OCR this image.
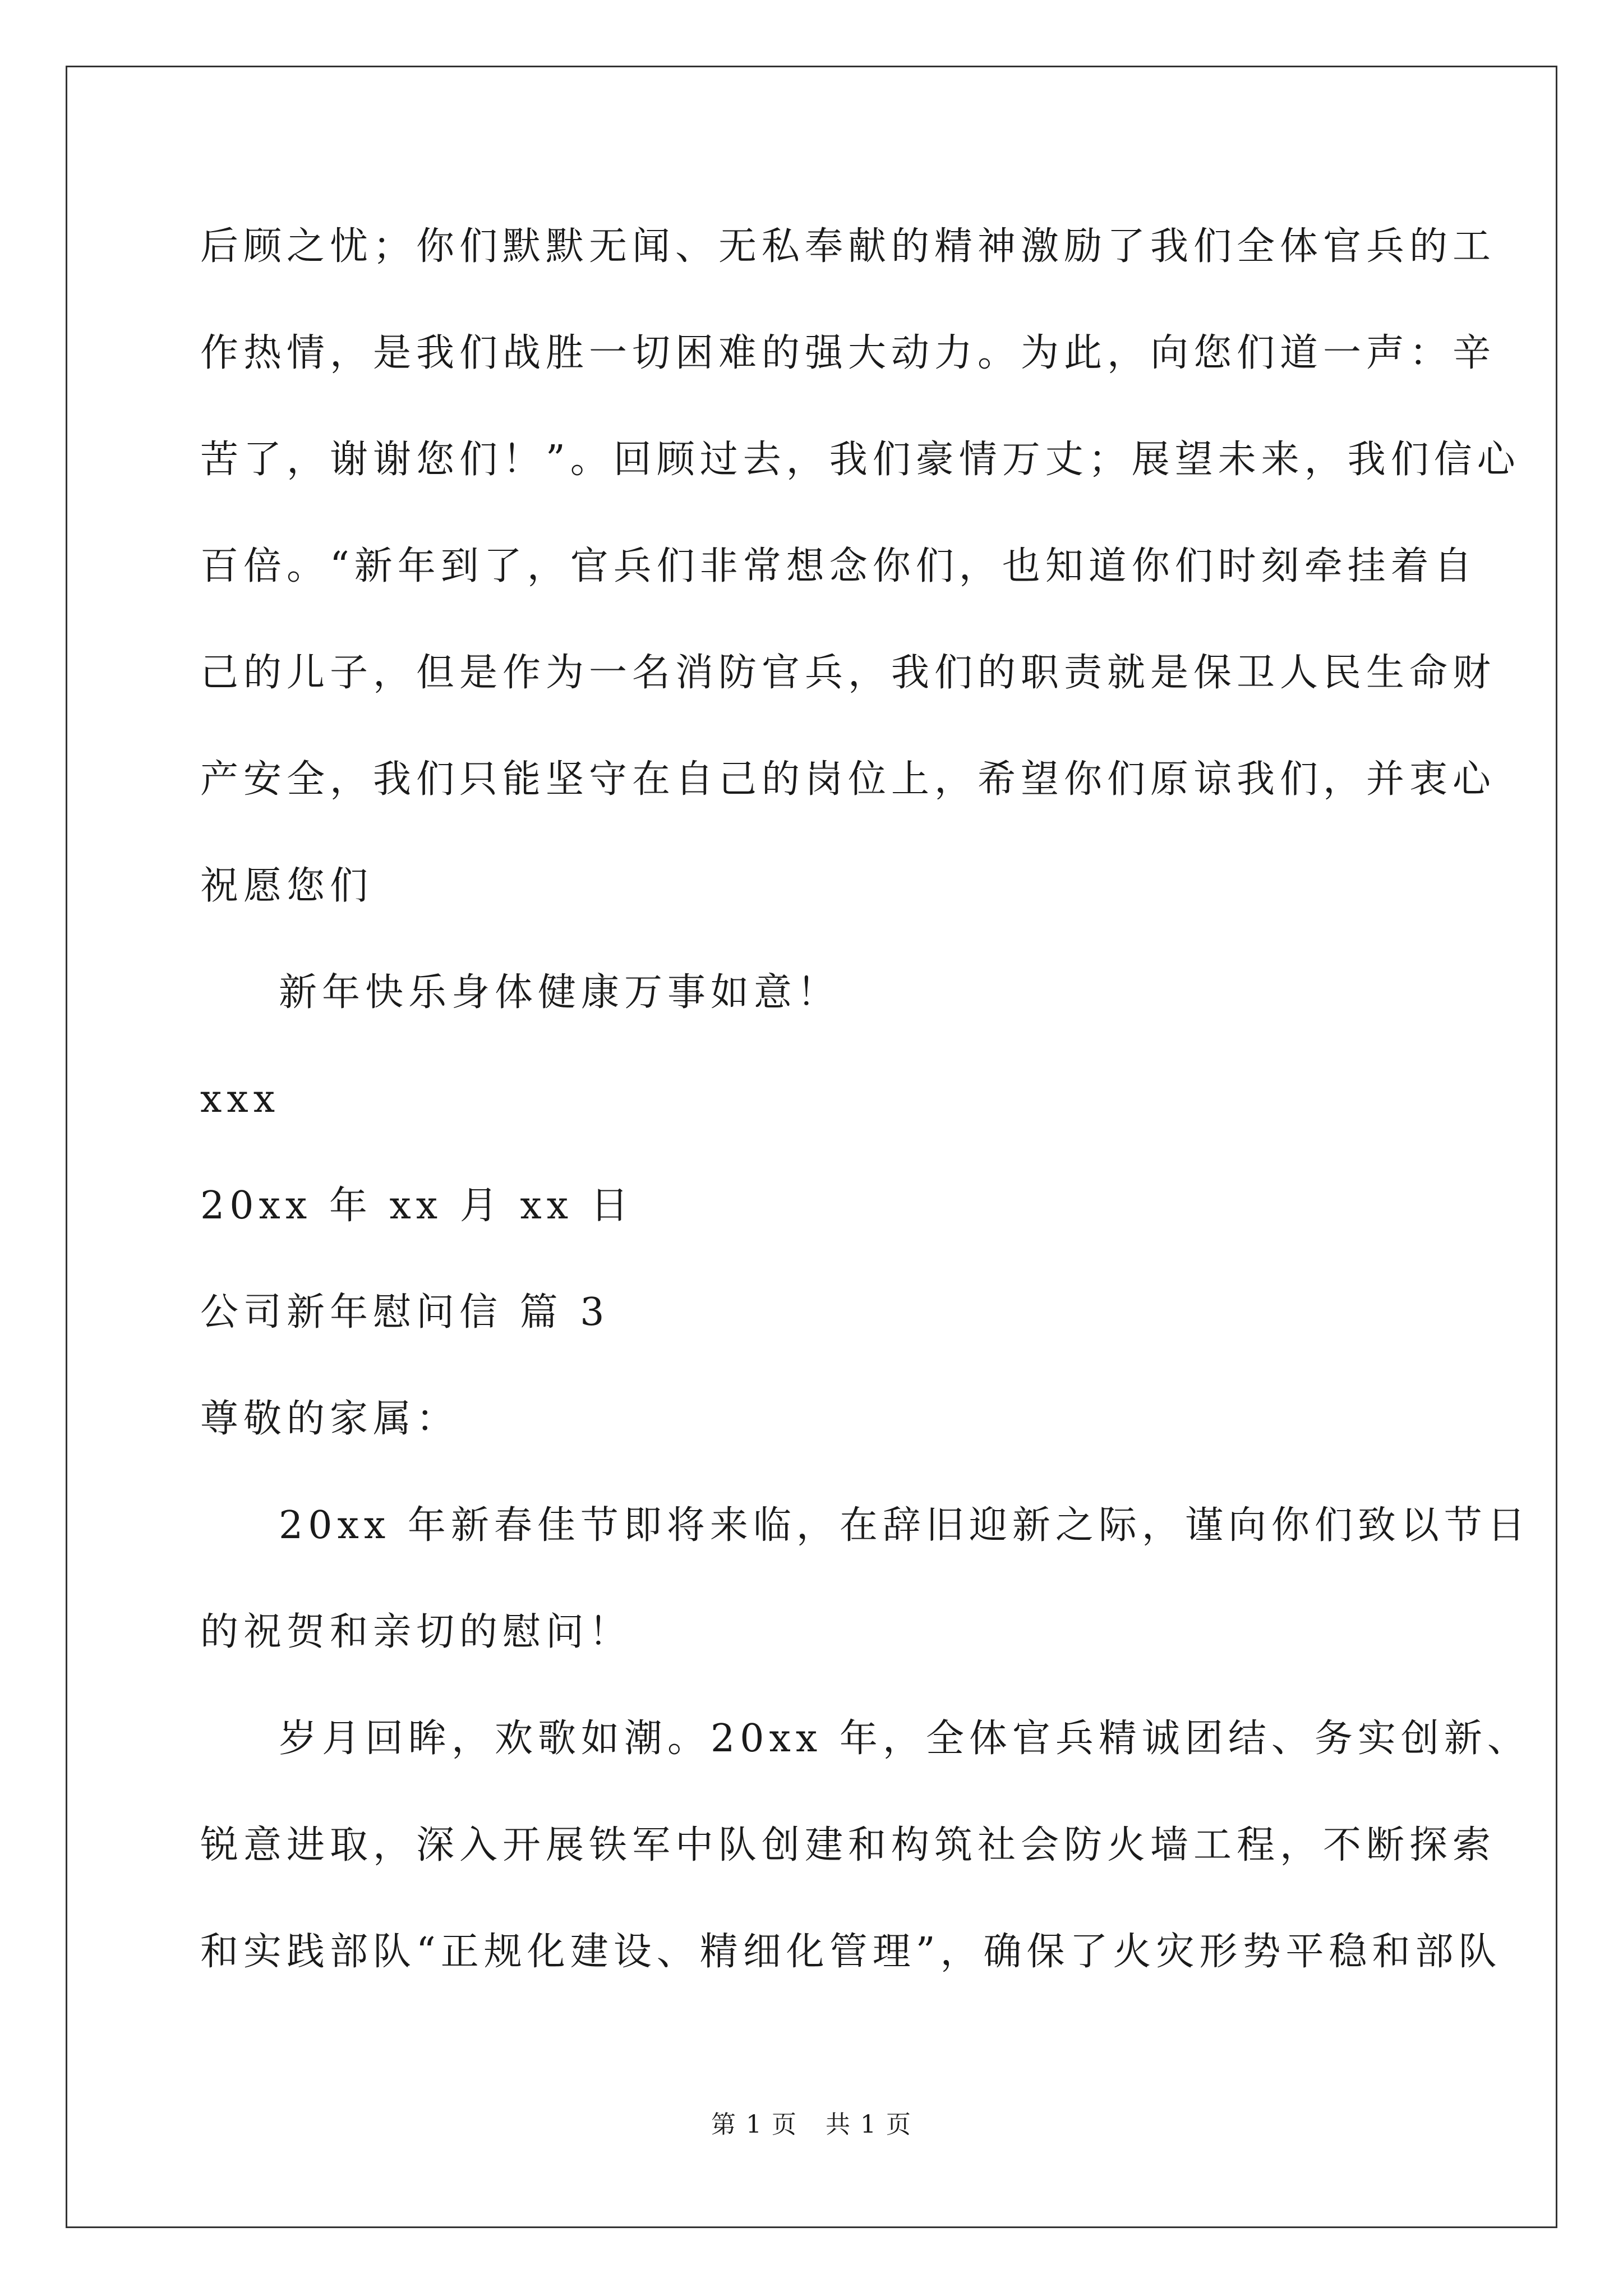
后顾之忧；你们默默无闻、无私奉献的精神激励了我们全体官兵的工
作热情，是我们战胜一切困难的强大动力。为此，向您们道一声：辛
苦了，谢谢您们！”。回顾过去，我们豪情万丈；展望未来，我们信心
百倍。“新年到了，官兵们非常想念你们，也知道你们时刻牵挂着自
己的儿子，但是作为一名消防官兵，我们的职责就是保卫人民生命财
产安全，我们只能坚守在自己的岗位上，希望你们原谅我们，并衷心
祝愿您们
新年快乐身体健康万事如意！
xxx
20xx 年 xx 月 xx 日
公司新年慰问信 篇 3
尊敬的家属：
20xx 年新春佳节即将来临，在辞旧迎新之际，谨向你们致以节日
的祝贺和亲切的慰问！
岁月回眸，欢歌如潮。20xx 年，全体官兵精诚团结、务实创新、
锐意进取，深入开展铁军中队创建和构筑社会防火墙工程，不断探索
和实践部队“正规化建设、精细化管理”，确保了火灾形势平稳和部队
第 1 页 共 1 页
